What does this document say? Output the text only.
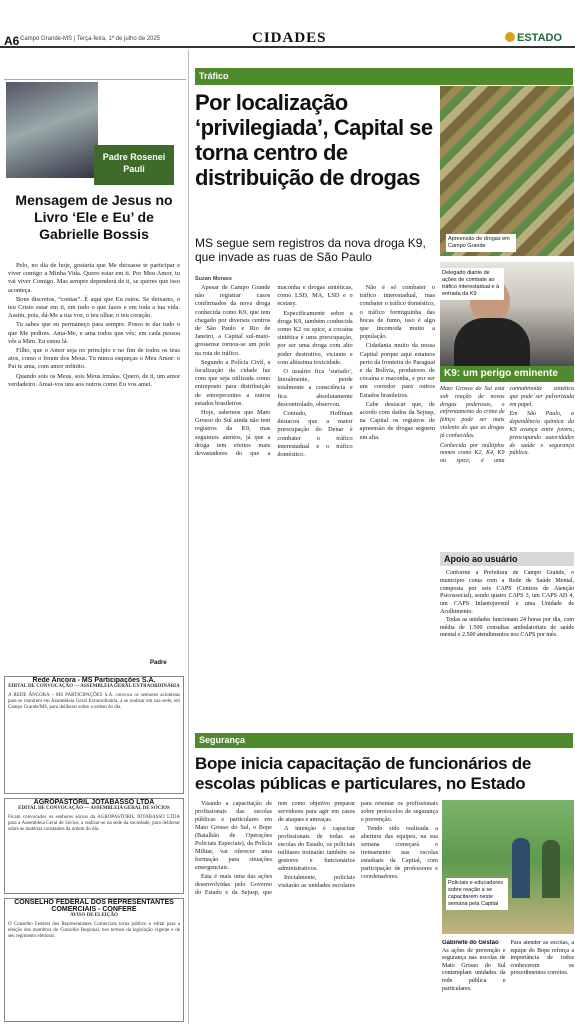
A6 Campo Grande-MS | Terça-feira, 1º de julho de 2025	CIDADES	ESTADO
Padre Rosenei Pauli
Mensagem de Jesus no Livro ‘Ele e Eu’ de Gabrielle Bossis

Pelo, no dia de hoje, gostaria que Me deixasse te participar e viver comigo a Minha Vida. Quero estar em ti. Por Meu Amor, tu vai viver Comigo. Mas sempre dependerá de ti, se queres que isso aconteça.

Bons discretos, “contas”. É aqui que Eu estou. Se deixares, o teu Cristo estar em ti, em tudo o que fazes e em toda a tua vida. Assim, pois, dá-Me a tua voz, o teu olhar, o teu coração.

Tu sabes que eu permaneço para sempre. Posso te dar tudo o que Me pedires. Ama-Me, e ama todos que vês: em cada pessoa vês a Mim. Eu estou lá.

Filho, que o Amor seja no princípio e no fim de todos os teus atos, como o foram dos Meus. Tu nunca esqueças o Meu Amor: o Pai te ama, com amor infinito.

Quando sois os Meus, sois Meus irmãos. Quero, de ti, um amor verdadeiro. Amai-vos uns aos outros como Eu vos amei.

Padre
Rede Âncora - MS Participações S.A.
EDITAL DE CONVOCAÇÃO — ASSEMBLEIA GERAL EXTRAORDINÁRIA
A REDE ÂNCORA – MS PARTICIPAÇÕES S.A. convoca os senhores acionistas para se reunirem em Assembleia Geral Extraordinária, a se realizar em sua sede, em Campo Grande/MS, para deliberar sobre a ordem do dia.
AGROPASTORIL JOTABASSO LTDA
EDITAL DE CONVOCAÇÃO — ASSEMBLEIA GERAL DE SÓCIOS
Ficam convocados os senhores sócios da AGROPASTORIL JOTABASSO LTDA para a Assembleia Geral de Sócios, a realizar-se na sede da sociedade, para deliberar sobre as matérias constantes da ordem do dia.
CONSELHO FEDERAL DOS REPRESENTANTES COMERCIAIS - CONFERE
AVISO DE ELEIÇÃO
O Conselho Federal dos Representantes Comerciais torna público o edital para a eleição dos membros do Conselho Regional, nos termos da legislação vigente e de seu regimento eleitoral.
Tráfico
Por localização ‘privilegiada’, Capital se torna centro de distribuição de drogas
Apreensão de drogas em Campo Grande
MS segue sem registros da nova droga K9, que invade as ruas de São Paulo
Suzan Moraes

Apesar de Campo Grande não registrar casos confirmados da nova droga conhecida como K9, que tem chegado por diversos centros de São Paulo e Rio de Janeiro, a Capital sul-mato-grossense tornou-se um polo na rota do tráfico.

Segundo a Polícia Civil, a localização da cidade faz com que seja utilizada como entreposto para distribuição de entorpecentes a outros estados brasileiros.

Hoje, sabemos que Mato Grosso do Sul ainda não tem registros da K9, mas seguimos atentos, já que a droga tem efeitos mais devastadores do que a maconha e drogas sintéticas, como LSD, MA, LSD e o ecstasy.

Especificamente sobre a droga K9, também conhecida como K2 ou spice, a cocaína sintética é uma preocupação, por ser uma droga com alto poder destrutivo, viciante e com altíssima toxicidade.

O usuário fica ‘surtado’, literalmente, perde totalmente a consciência e fica absolutamente descontrolado, observou.

Contudo, Hoffman destacou que a maior preocupação do Denar é combater o tráfico interestadual e o tráfico doméstico.

Não é só combater o tráfico interestadual, mas combater o tráfico doméstico, o tráfico formiguinha das bocas de fumo, isso é algo que incomoda muito a população.

Cidadania muito da nossa Capital porque aqui estamos perto da fronteira do Paraguai e da Bolívia, produtores de cocaína e maconha, e por ser um corredor para outros Estados brasileiros.

Cabe destacar que, de acordo com dados da Sejusp, na Capital os registros de apreensão de drogas seguem em alta.

Delegado diante de ações de combate ao tráfico interestadual e à entrada da K9
K9: um perigo eminente

Mato Grosso do Sul está sob reação de novas drogas poderosas, o enfrentamento do crime de feitiço pode ser mais violento do que as drogas já conhecidas.

Conhecida por múltiplos nomes como K2, K4, K9 ou spice, é uma cannabinoide sintética que pode ser pulverizada em papel.

Em São Paulo, a dependência química da K9 avança entre jovens, preocupando autoridades de saúde e segurança pública.

Apoio ao usuário

Conforme a Prefeitura de Campo Grande, o município conta com a Rede de Saúde Mental, composta por seis CAPS (Centros de Atenção Psicossocial), sendo quatro CAPS 3, um CAPS AD 4, um CAPS Infantojuvenil e uma Unidade de Acolhimento.

Todas as unidades funcionam 24 horas por dia, com média de 1.500 consultas ambulatoriais de saúde mental e 2.500 atendimentos nos CAPS por mês.

Segurança
Bope inicia capacitação de funcionários de escolas públicas e particulares, no Estado

Visando a capacitação de profissionais das escolas públicas e particulares em Mato Grosso do Sul, o Bope (Batalhão de Operações Policiais Especiais), da Polícia Militar, vai oferecer uma formação para situações emergenciais.

Esta é mais uma das ações desenvolvidas pelo Governo do Estado e da Sejusp, que tem como objetivo preparar servidores para agir em casos de ataques e ameaças.

A intenção é capacitar profissionais de todas as escolas do Estado, os policiais militares treinarão também os gestores e funcionários administrativos.

Inicialmente, policiais visitarão as unidades escolares para orientar os profissionais sobre protocolos de segurança e prevenção.

Tendo sido realizada a abertura das equipes, na sua semana começará o treinamento nas escolas estaduais da Capital, com participação de professores e coordenadores.

Policiais e educadores sobre reação a se capacitarem neste semana pela Capital

Gabinete do Gestão

As ações de prevenção e segurança nas escolas de Mato Grosso do Sul contemplam unidades da rede pública e particulares.

Para atender as escolas, a equipe do Bope reforça a importância de todos conhecerem os procedimentos corretos.
